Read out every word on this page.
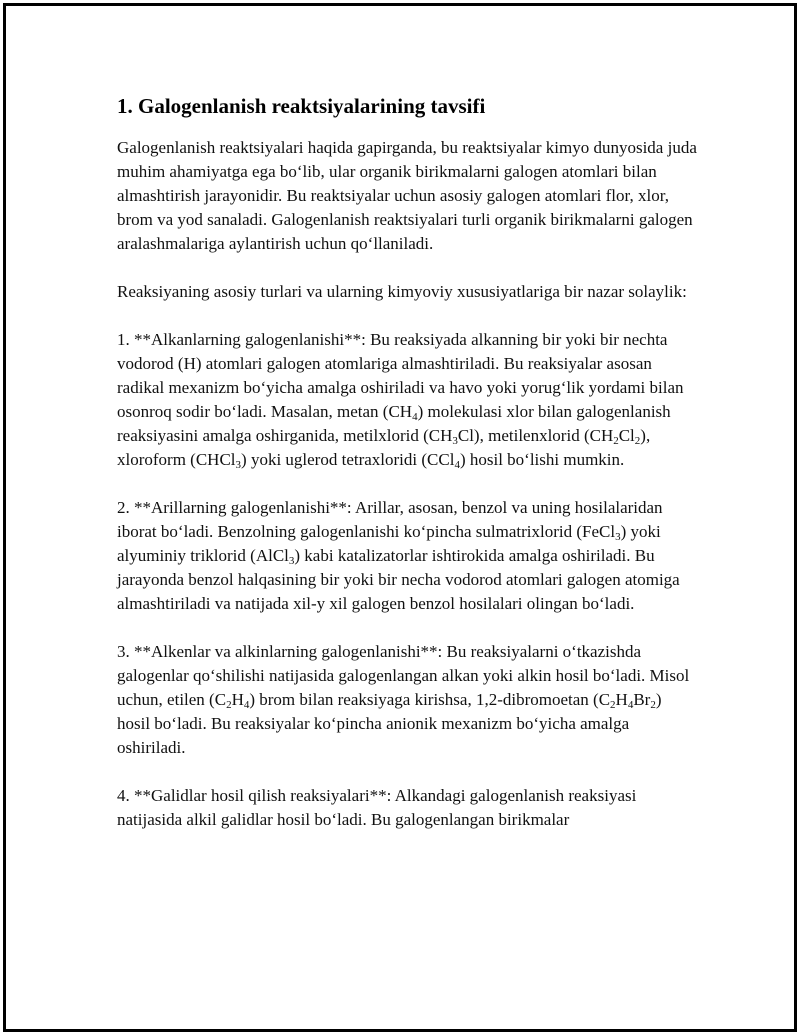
1. Galogenlanish reaktsiyalarining tavsifi

Galogenlanish reaktsiyalari haqida gapirganda, bu reaktsiyalar kimyo dunyosida juda muhim ahamiyatga ega bo‘lib, ular organik birikmalarni galogen atomlari bilan almashtirish jarayonidir. Bu reaktsiyalar uchun asosiy galogen atomlari flor, xlor, brom va yod sanaladi. Galogenlanish reaktsiyalari turli organik birikmalarni galogen aralashmalariga aylantirish uchun qo‘llaniladi.

Reaksiyaning asosiy turlari va ularning kimyoviy xususiyatlariga bir nazar solaylik:

1. **Alkanlarning galogenlanishi**: Bu reaksiyada alkanning bir yoki bir nechta vodorod (H) atomlari galogen atomlariga almashtiriladi. Bu reaksiyalar asosan radikal mexanizm bo‘yicha amalga oshiriladi va havo yoki yorug‘lik yordami bilan osonroq sodir bo‘ladi. Masalan, metan $(CH_4)$ molekulasi xlor bilan galogenlanish reaksiyasini amalga oshirganida, metilxlorid $(CH_3Cl)$, metilenxlorid $(CH_2Cl_2)$, xloroform (CHCl$_3$) yoki uglerod tetraxloridi (CCl$_4$) hosil bo‘lishi mumkin.

2. **Arillarning galogenlanishi**: Arillar, asosan, benzol va uning hosilalaridan iborat bo‘ladi. Benzolning galogenlanishi ko‘pincha sulmatrixlorid (FeCl$_3$) yoki alyuminiy triklorid (AlCl$_3$) kabi katalizatorlar ishtirokida amalga oshiriladi. Bu jarayonda benzol halqasining bir yoki bir necha vodorod atomlari galogen atomiga almashtiriladi va natijada xil-y xil galogen benzol hosilalari olingan bo‘ladi.

3. **Alkenlar va alkinlarning galogenlanishi**: Bu reaksiyalarni o‘tkazishda galogenlar qo‘shilishi natijasida galogenlangan alkan yoki alkin hosil bo‘ladi. Misol uchun, etilen $(C_2H_4)$ brom bilan reaksiyaga kirishsa, 1,2-dibromoetan $(C_2H_4Br_2)$ hosil bo‘ladi. Bu reaksiyalar ko‘pincha anionik mexanizm bo‘yicha amalga oshiriladi.

4. **Galidlar hosil qilish reaksiyalari**: Alkandagi galogenlanish reaksiyasi natijasida alkil galidlar hosil bo‘ladi. Bu galogenlangan birikmalar
